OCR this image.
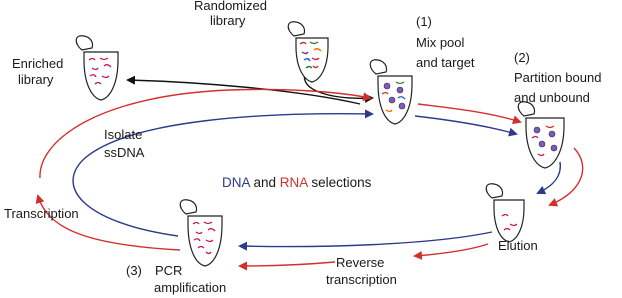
Randomized
library	(1)
Mix pool
and target	(2)
Partition bound
and unbound
Enriched
library
Isolate
ssDNA
DNA and RNA selections
Elution
Reverse
transcription
Transcription
(3) PCR
amplification
